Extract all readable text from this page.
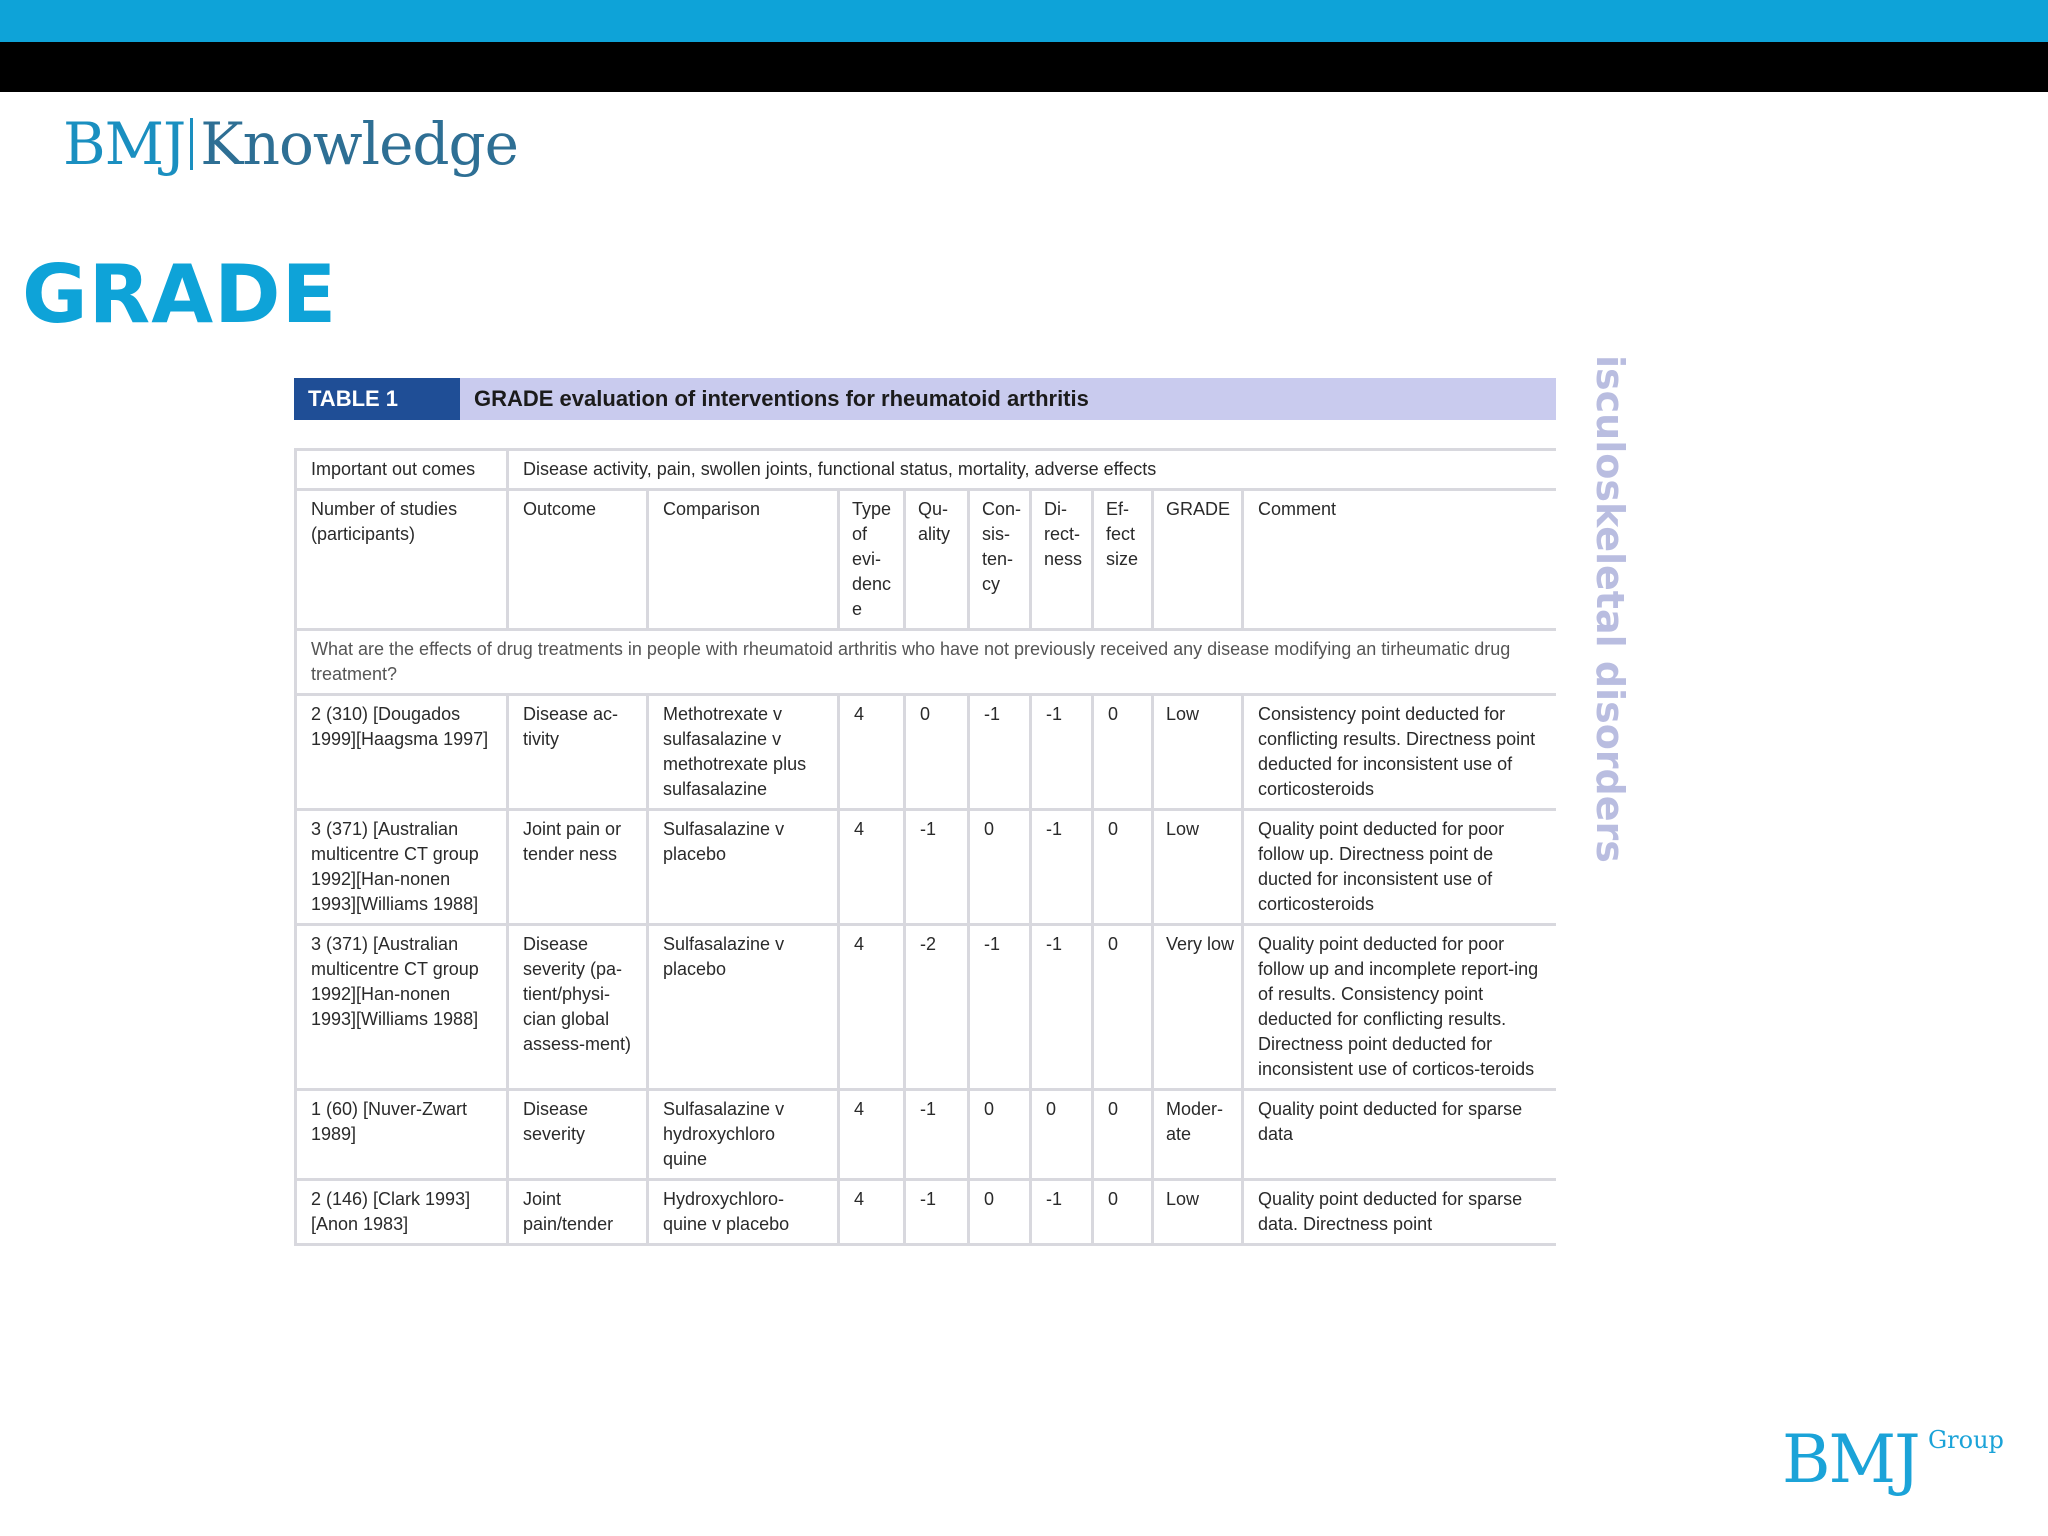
BMJ Knowledge
GRADE
isculoskeletal disorders
TABLE 1	GRADE evaluation of interventions for rheumatoid arthritis
Important out comes	Disease activity, pain, swollen joints, functional status, mortality, adverse effects								
Number of studies (participants)	Outcome	Comparison	Type of evi-dence	Qu-ality	Con-sis-ten-cy	Di-rect-ness	Ef-fect size	GRADE	Comment
What are the effects of drug treatments in people with rheumatoid arthritis who have not previously received any disease modifying an tirheumatic drug treatment?									
2 (310) [Dougados 1999][Haagsma 1997]	Disease ac-tivity	Methotrexate v sulfasalazine v methotrexate plus sulfasalazine	4	0	-1	-1	0	Low	Consistency point deducted for conflicting results. Directness point deducted for inconsistent use of corticosteroids
3 (371) [Australian multicentre CT group 1992][Han-nonen 1993][Williams 1988]	Joint pain or tender ness	Sulfasalazine v placebo	4	-1	0	-1	0	Low	Quality point deducted for poor follow up. Directness point de ducted for inconsistent use of corticosteroids
3 (371) [Australian multicentre CT group 1992][Han-nonen 1993][Williams 1988]	Disease severity (pa-tient/physi-cian global assess-ment)	Sulfasalazine v placebo	4	-2	-1	-1	0	Very low	Quality point deducted for poor follow up and incomplete report-ing of results. Consistency point deducted for conflicting results. Directness point deducted for inconsistent use of corticos-teroids
1 (60) [Nuver-Zwart 1989]	Disease severity	Sulfasalazine v hydroxychloro quine	4	-1	0	0	0	Moder-ate	Quality point deducted for sparse data
2 (146) [Clark 1993][Anon 1983]	Joint pain/tender	Hydroxychloro-quine v placebo	4	-1	0	-1	0	Low	Quality point deducted for sparse data. Directness point
BMJ Group
